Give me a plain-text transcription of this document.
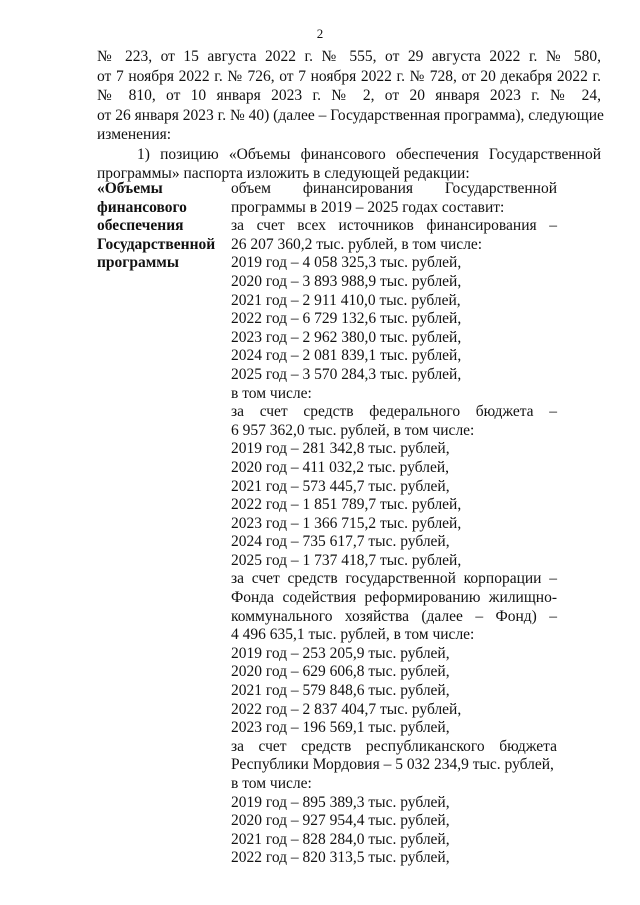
2
№ 223, от 15 августа 2022 г. № 555, от 29 августа 2022 г. № 580,
от 7 ноября 2022 г. № 726, от 7 ноября 2022 г. № 728, от 20 декабря 2022 г.
№ 810, от 10 января 2023 г. № 2, от 20 января 2023 г. № 24,
от 26 января 2023 г. № 40) (далее – Государственная программа), следующие
изменения:
1) позицию «Объемы финансового обеспечения Государственной
программы» паспорта изложить в следующей редакции:
«Объемы
финансового
обеспечения
Государственной
программы
объем финансирования Государственной
программы в 2019 – 2025 годах составит:
за счет всех источников финансирования –
26 207 360,2 тыс. рублей, в том числе:
2019 год – 4 058 325,3 тыс. рублей,
2020 год – 3 893 988,9 тыс. рублей,
2021 год – 2 911 410,0 тыс. рублей,
2022 год – 6 729 132,6 тыс. рублей,
2023 год – 2 962 380,0 тыс. рублей,
2024 год – 2 081 839,1 тыс. рублей,
2025 год – 3 570 284,3 тыс. рублей,
в том числе:
за счет средств федерального бюджета –
6 957 362,0 тыс. рублей, в том числе:
2019 год – 281 342,8 тыс. рублей,
2020 год – 411 032,2 тыс. рублей,
2021 год – 573 445,7 тыс. рублей,
2022 год – 1 851 789,7 тыс. рублей,
2023 год – 1 366 715,2 тыс. рублей,
2024 год – 735 617,7 тыс. рублей,
2025 год – 1 737 418,7 тыс. рублей,
за счет средств государственной корпорации –
Фонда содействия реформированию жилищно-
коммунального хозяйства (далее – Фонд) –
4 496 635,1 тыс. рублей, в том числе:
2019 год – 253 205,9 тыс. рублей,
2020 год – 629 606,8 тыс. рублей,
2021 год – 579 848,6 тыс. рублей,
2022 год – 2 837 404,7 тыс. рублей,
2023 год – 196 569,1 тыс. рублей,
за счет средств республиканского бюджета
Республики Мордовия – 5 032 234,9 тыс. рублей,
в том числе:
2019 год – 895 389,3 тыс. рублей,
2020 год – 927 954,4 тыс. рублей,
2021 год – 828 284,0 тыс. рублей,
2022 год – 820 313,5 тыс. рублей,
